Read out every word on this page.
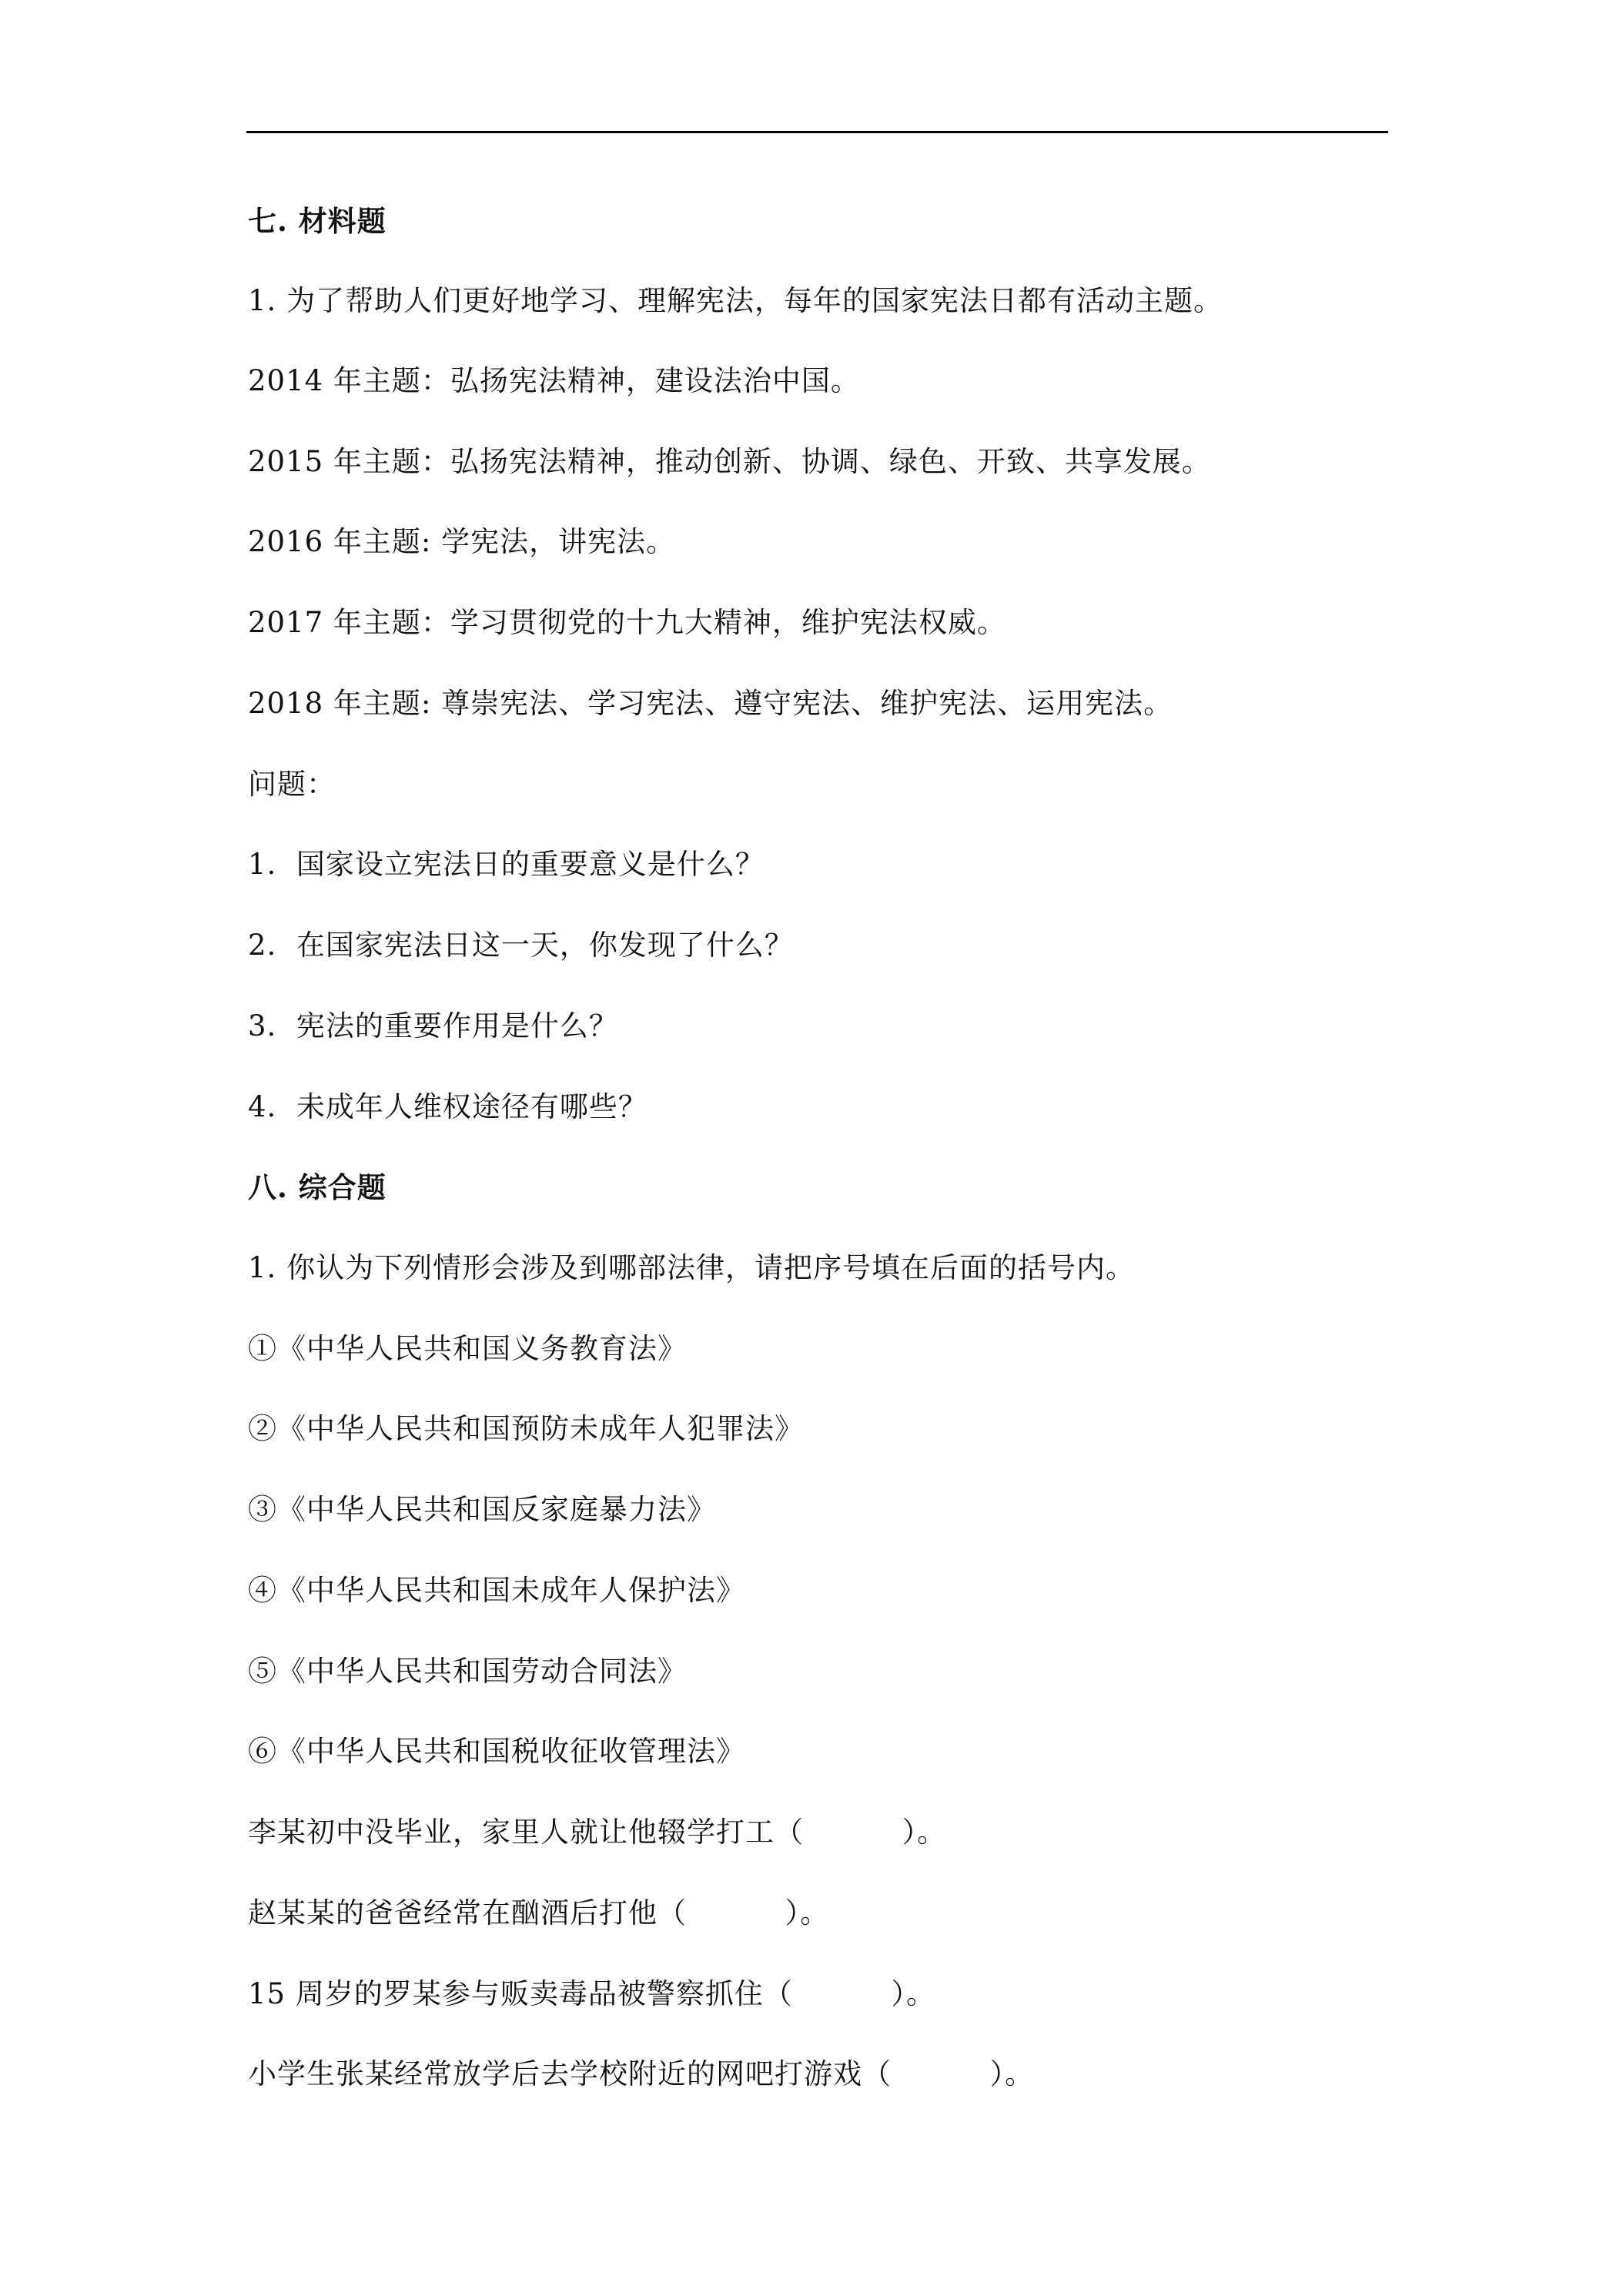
七. 材料题
1. 为了帮助人们更好地学习、理解宪法，每年的国家宪法日都有活动主题。
2014 年主题：弘扬宪法精神，建设法治中国。
2015 年主题：弘扬宪法精神，推动创新、协调、绿色、开致、共享发展。
2016 年主题: 学宪法，讲宪法。
2017 年主题：学习贯彻党的十九大精神，维护宪法权威。
2018 年主题: 尊崇宪法、学习宪法、遵守宪法、维护宪法、运用宪法。
问题：
1.  国家设立宪法日的重要意义是什么？
2.  在国家宪法日这一天，你发现了什么？
3.  宪法的重要作用是什么？
4.  未成年人维权途径有哪些？
八. 综合题
1. 你认为下列情形会涉及到哪部法律，请把序号填在后面的括号内。
①《中华人民共和国义务教育法》
②《中华人民共和国预防未成年人犯罪法》
③《中华人民共和国反家庭暴力法》
④《中华人民共和国未成年人保护法》
⑤《中华人民共和国劳动合同法》
⑥《中华人民共和国税收征收管理法》
李某初中没毕业，家里人就让他辍学打工（          ）。
赵某某的爸爸经常在酗酒后打他（          ）。
15 周岁的罗某参与贩卖毒品被警察抓住（          ）。
小学生张某经常放学后去学校附近的网吧打游戏（          ）。
